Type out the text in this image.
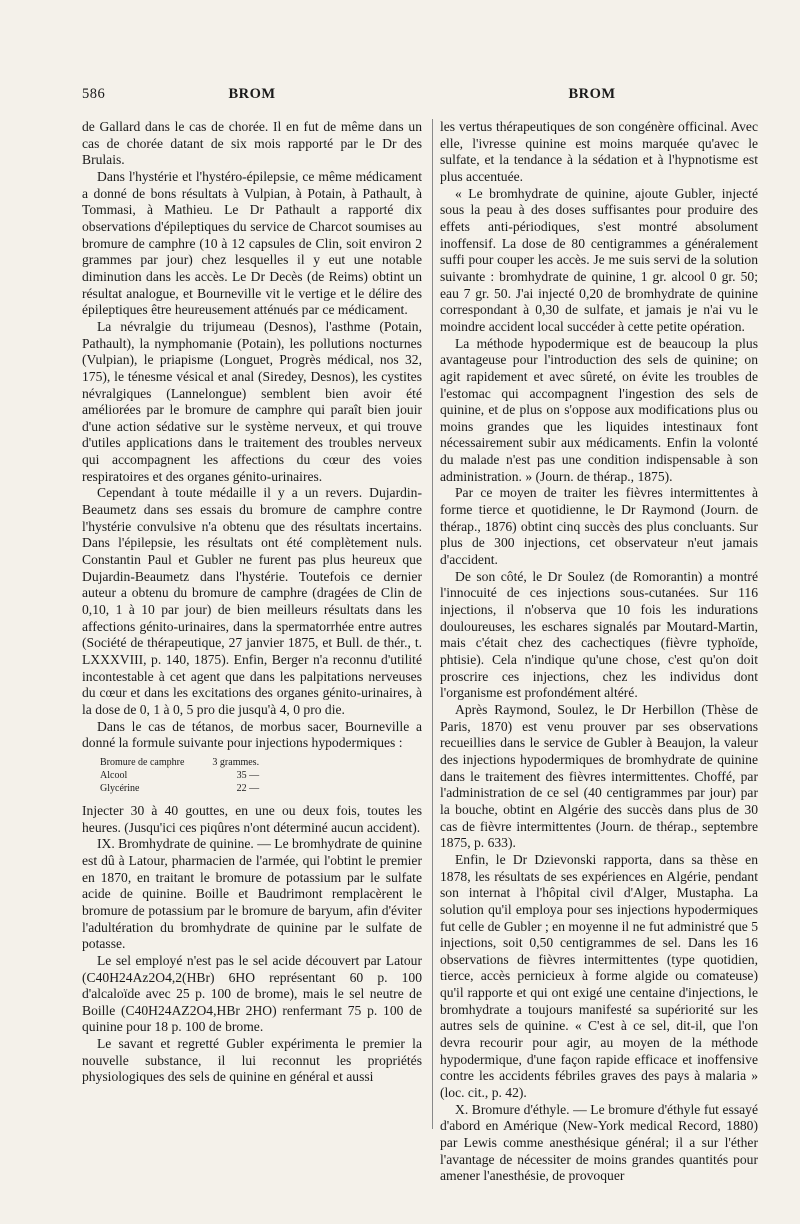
586	BROM	BROM

de Gallard dans le cas de chorée. Il en fut de même dans un cas de chorée datant de six mois rapporté par le Dr des Brulais.

Dans l'hystérie et l'hystéro-épilepsie, ce même médicament a donné de bons résultats à Vulpian, à Potain, à Pathault, à Tommasi, à Mathieu. Le Dr Pathault a rapporté dix observations d'épileptiques du service de Charcot soumises au bromure de camphre (10 à 12 capsules de Clin, soit environ 2 grammes par jour) chez lesquelles il y eut une notable diminution dans les accès. Le Dr Decès (de Reims) obtint un résultat analogue, et Bourneville vit le vertige et le délire des épileptiques être heureusement atténués par ce médicament.

La névralgie du trijumeau (Desnos), l'asthme (Potain, Pathault), la nymphomanie (Potain), les pollutions nocturnes (Vulpian), le priapisme (Longuet, Progrès médical, nos 32, 175), le ténesme vésical et anal (Siredey, Desnos), les cystites névralgiques (Lannelongue) semblent bien avoir été améliorées par le bromure de camphre qui paraît bien jouir d'une action sédative sur le système nerveux, et qui trouve d'utiles applications dans le traitement des troubles nerveux qui accompagnent les affections du cœur des voies respiratoires et des organes génito-urinaires.

Cependant à toute médaille il y a un revers. Dujardin-Beaumetz dans ses essais du bromure de camphre contre l'hystérie convulsive n'a obtenu que des résultats incertains. Dans l'épilepsie, les résultats ont été complètement nuls. Constantin Paul et Gubler ne furent pas plus heureux que Dujardin-Beaumetz dans l'hystérie. Toutefois ce dernier auteur a obtenu du bromure de camphre (dragées de Clin de 0,10, 1 à 10 par jour) de bien meilleurs résultats dans les affections génito-urinaires, dans la spermatorrhée entre autres (Société de thérapeutique, 27 janvier 1875, et Bull. de thér., t. LXXXVIII, p. 140, 1875). Enfin, Berger n'a reconnu d'utilité incontestable à cet agent que dans les palpitations nerveuses du cœur et dans les excitations des organes génito-urinaires, à la dose de 0, 1 à 0, 5 pro die jusqu'à 4, 0 pro die.

Dans le cas de tétanos, de morbus sacer, Bourneville a donné la formule suivante pour injections hypodermiques :

Bromure de camphre	3 grammes.
Alcool	35 —
Glycérine	22 —

Injecter 30 à 40 gouttes, en une ou deux fois, toutes les heures. (Jusqu'ici ces piqûres n'ont déterminé aucun accident).

IX. Bromhydrate de quinine. — Le bromhydrate de quinine est dû à Latour, pharmacien de l'armée, qui l'obtint le premier en 1870, en traitant le bromure de potassium par le sulfate acide de quinine. Boille et Baudrimont remplacèrent le bromure de potassium par le bromure de baryum, afin d'éviter l'adultération du bromhydrate de quinine par le sulfate de potasse.

Le sel employé n'est pas le sel acide découvert par Latour (C40H24Az2O4,2(HBr) 6HO représentant 60 p. 100 d'alcaloïde avec 25 p. 100 de brome), mais le sel neutre de Boille (C40H24AZ2O4,HBr 2HO) renfermant 75 p. 100 de quinine pour 18 p. 100 de brome.

Le savant et regretté Gubler expérimenta le premier la nouvelle substance, il lui reconnut les propriétés physiologiques des sels de quinine en général et aussi

les vertus thérapeutiques de son congénère officinal. Avec elle, l'ivresse quinine est moins marquée qu'avec le sulfate, et la tendance à la sédation et à l'hypnotisme est plus accentuée.

« Le bromhydrate de quinine, ajoute Gubler, injecté sous la peau à des doses suffisantes pour produire des effets anti-périodiques, s'est montré absolument inoffensif. La dose de 80 centigrammes a généralement suffi pour couper les accès. Je me suis servi de la solution suivante : bromhydrate de quinine, 1 gr. alcool 0 gr. 50; eau 7 gr. 50. J'ai injecté 0,20 de bromhydrate de quinine correspondant à 0,30 de sulfate, et jamais je n'ai vu le moindre accident local succéder à cette petite opération.

La méthode hypodermique est de beaucoup la plus avantageuse pour l'introduction des sels de quinine; on agit rapidement et avec sûreté, on évite les troubles de l'estomac qui accompagnent l'ingestion des sels de quinine, et de plus on s'oppose aux modifications plus ou moins grandes que les liquides intestinaux font nécessairement subir aux médicaments. Enfin la volonté du malade n'est pas une condition indispensable à son administration. » (Journ. de thérap., 1875).

Par ce moyen de traiter les fièvres intermittentes à forme tierce et quotidienne, le Dr Raymond (Journ. de thérap., 1876) obtint cinq succès des plus concluants. Sur plus de 300 injections, cet observateur n'eut jamais d'accident.

De son côté, le Dr Soulez (de Romorantin) a montré l'innocuité de ces injections sous-cutanées. Sur 116 injections, il n'observa que 10 fois les indurations douloureuses, les eschares signalés par Moutard-Martin, mais c'était chez des cachectiques (fièvre typhoïde, phtisie). Cela n'indique qu'une chose, c'est qu'on doit proscrire ces injections, chez les individus dont l'organisme est profondément altéré.

Après Raymond, Soulez, le Dr Herbillon (Thèse de Paris, 1870) est venu prouver par ses observations recueillies dans le service de Gubler à Beaujon, la valeur des injections hypodermiques de bromhydrate de quinine dans le traitement des fièvres intermittentes. Choffé, par l'administration de ce sel (40 centigrammes par jour) par la bouche, obtint en Algérie des succès dans plus de 30 cas de fièvre intermittentes (Journ. de thérap., septembre 1875, p. 633).

Enfin, le Dr Dzievonski rapporta, dans sa thèse en 1878, les résultats de ses expériences en Algérie, pendant son internat à l'hôpital civil d'Alger, Mustapha. La solution qu'il employa pour ses injections hypodermiques fut celle de Gubler ; en moyenne il ne fut administré que 5 injections, soit 0,50 centigrammes de sel. Dans les 16 observations de fièvres intermittentes (type quotidien, tierce, accès pernicieux à forme algide ou comateuse) qu'il rapporte et qui ont exigé une centaine d'injections, le bromhydrate a toujours manifesté sa supériorité sur les autres sels de quinine. « C'est à ce sel, dit-il, que l'on devra recourir pour agir, au moyen de la méthode hypodermique, d'une façon rapide efficace et inoffensive contre les accidents fébriles graves des pays à malaria » (loc. cit., p. 42).

X. Bromure d'éthyle. — Le bromure d'éthyle fut essayé d'abord en Amérique (New-York medical Record, 1880) par Lewis comme anesthésique général; il a sur l'éther l'avantage de nécessiter de moins grandes quantités pour amener l'anesthésie, de provoquer
